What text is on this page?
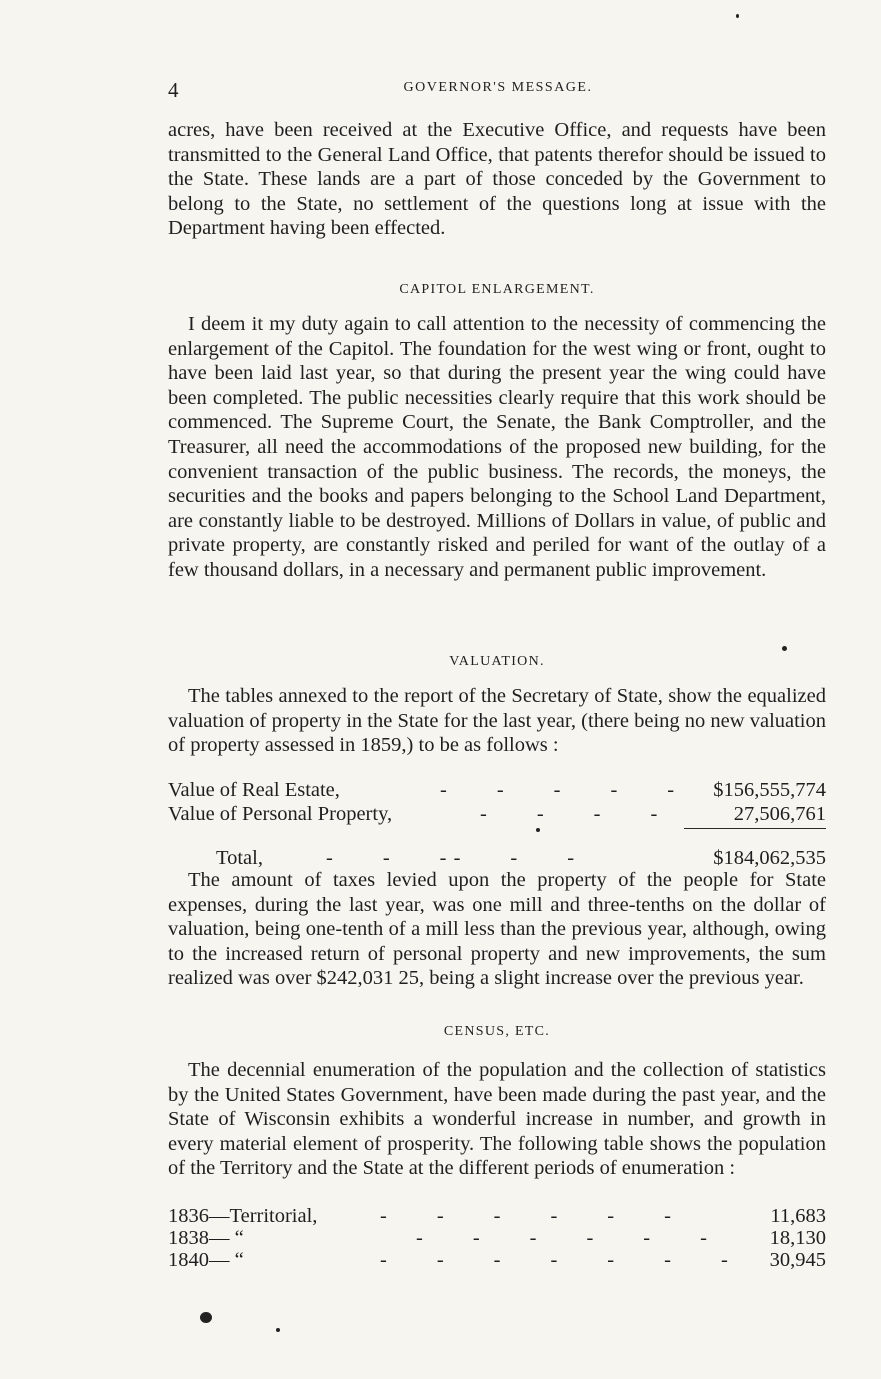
4	GOVERNOR'S MESSAGE.

acres, have been received at the Executive Office, and requests have been transmitted to the General Land Office, that patents therefor should be issued to the State. These lands are a part of those conceded by the Government to belong to the State, no settlement of the questions long at issue with the Department having been effected.

CAPITOL ENLARGEMENT.

I deem it my duty again to call attention to the necessity of commencing the enlargement of the Capitol. The foundation for the west wing or front, ought to have been laid last year, so that during the present year the wing could have been completed. The public necessities clearly require that this work should be commenced. The Supreme Court, the Senate, the Bank Comptroller, and the Treasurer, all need the accommodations of the proposed new building, for the convenient transaction of the public business. The records, the moneys, the securities and the books and papers belonging to the School Land Department, are constantly liable to be destroyed. Millions of Dollars in value, of public and private property, are constantly risked and periled for want of the outlay of a few thousand dollars, in a necessary and permanent public improvement.

VALUATION.

The tables annexed to the report of the Secretary of State, show the equalized valuation of property in the State for the last year, (there being no new valuation of property assessed in 1859,) to be as follows :

Value of Real Estate,	-        -        -        -        - $156,555,774
Value of Personal Property,	-        -        -        -	27,506,761
Total,	-        -        - -        -        -	$184,062,535

The amount of taxes levied upon the property of the people for State expenses, during the last year, was one mill and three-tenths on the dollar of valuation, being one-tenth of a mill less than the previous year, although, owing to the increased return of personal property and new improvements, the sum realized was over $242,031 25, being a slight increase over the previous year.

CENSUS, ETC.

The decennial enumeration of the population and the collection of statistics by the United States Government, have been made during the past year, and the State of Wisconsin exhibits a wonderful increase in number, and growth in every material element of prosperity. The following table shows the population of the Territory and the State at the different periods of enumeration :

1836—Territorial,	-        -        -        -        -        -	11,683
1838— “	-        -        -        -        -        -	18,130
1840— “	-        -        -        -        -        -        - 30,945
